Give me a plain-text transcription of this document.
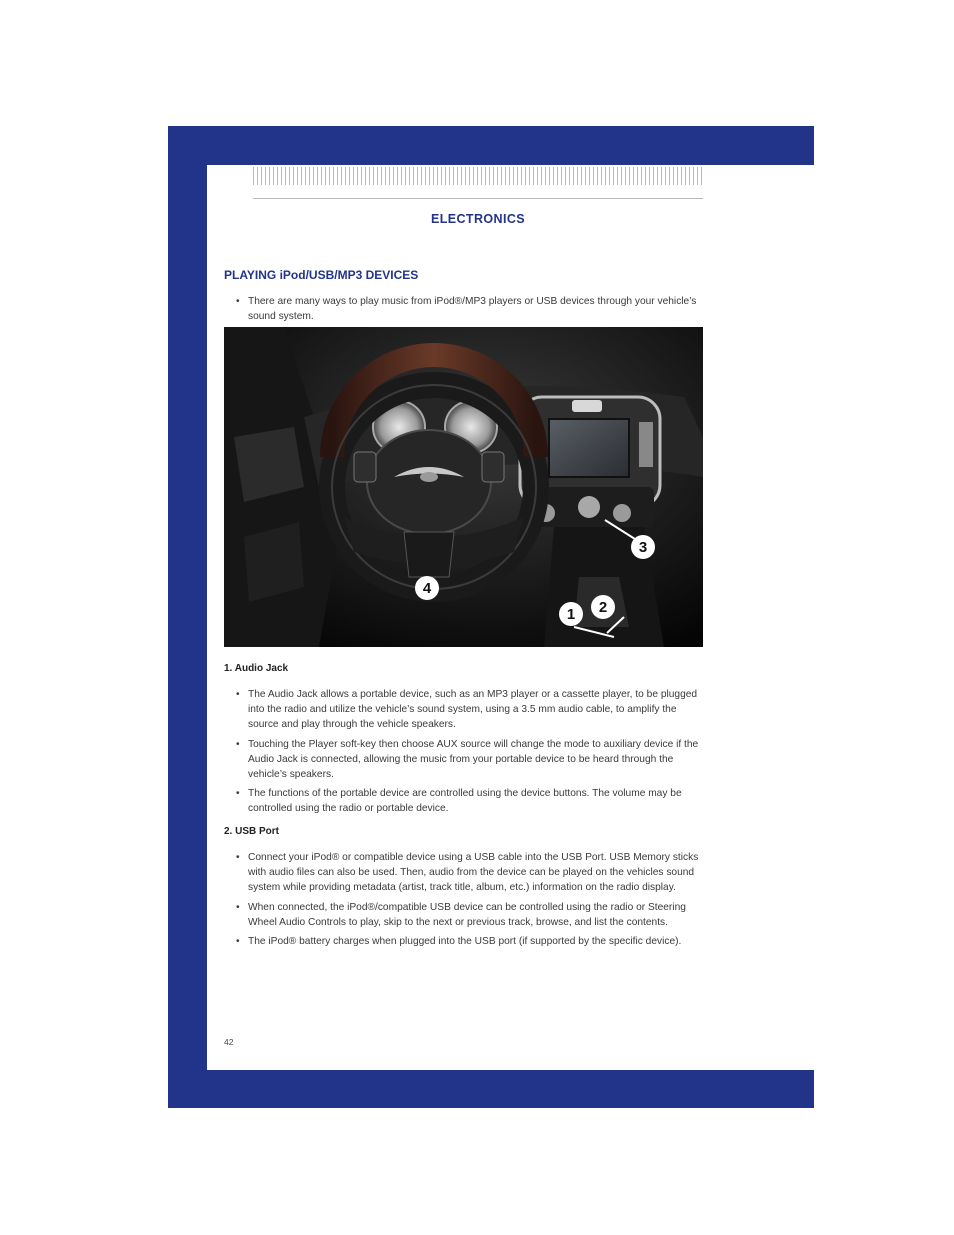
ELECTRONICS
PLAYING iPod/USB/MP3 DEVICES
• There are many ways to play music from iPod®/MP3 players or USB devices through your vehicle’s sound system.
1 2
3
4
1. Audio Jack
• The Audio Jack allows a portable device, such as an MP3 player or a cassette player, to be plugged into the radio and utilize the vehicle’s sound system, using a 3.5 mm audio cable, to amplify the source and play through the vehicle speakers.
• Touching the Player soft-key then choose AUX source will change the mode to auxiliary device if the Audio Jack is connected, allowing the music from your portable device to be heard through the vehicle’s speakers.
• The functions of the portable device are controlled using the device buttons. The volume may be controlled using the radio or portable device.
2. USB Port
• Connect your iPod® or compatible device using a USB cable into the USB Port. USB Memory sticks with audio files can also be used. Then, audio from the device can be played on the vehicles sound system while providing metadata (artist, track title, album, etc.) information on the radio display.
• When connected, the iPod®/compatible USB device can be controlled using the radio or Steering Wheel Audio Controls to play, skip to the next or previous track, browse, and list the contents.
• The iPod® battery charges when plugged into the USB port (if supported by the specific device).
42
